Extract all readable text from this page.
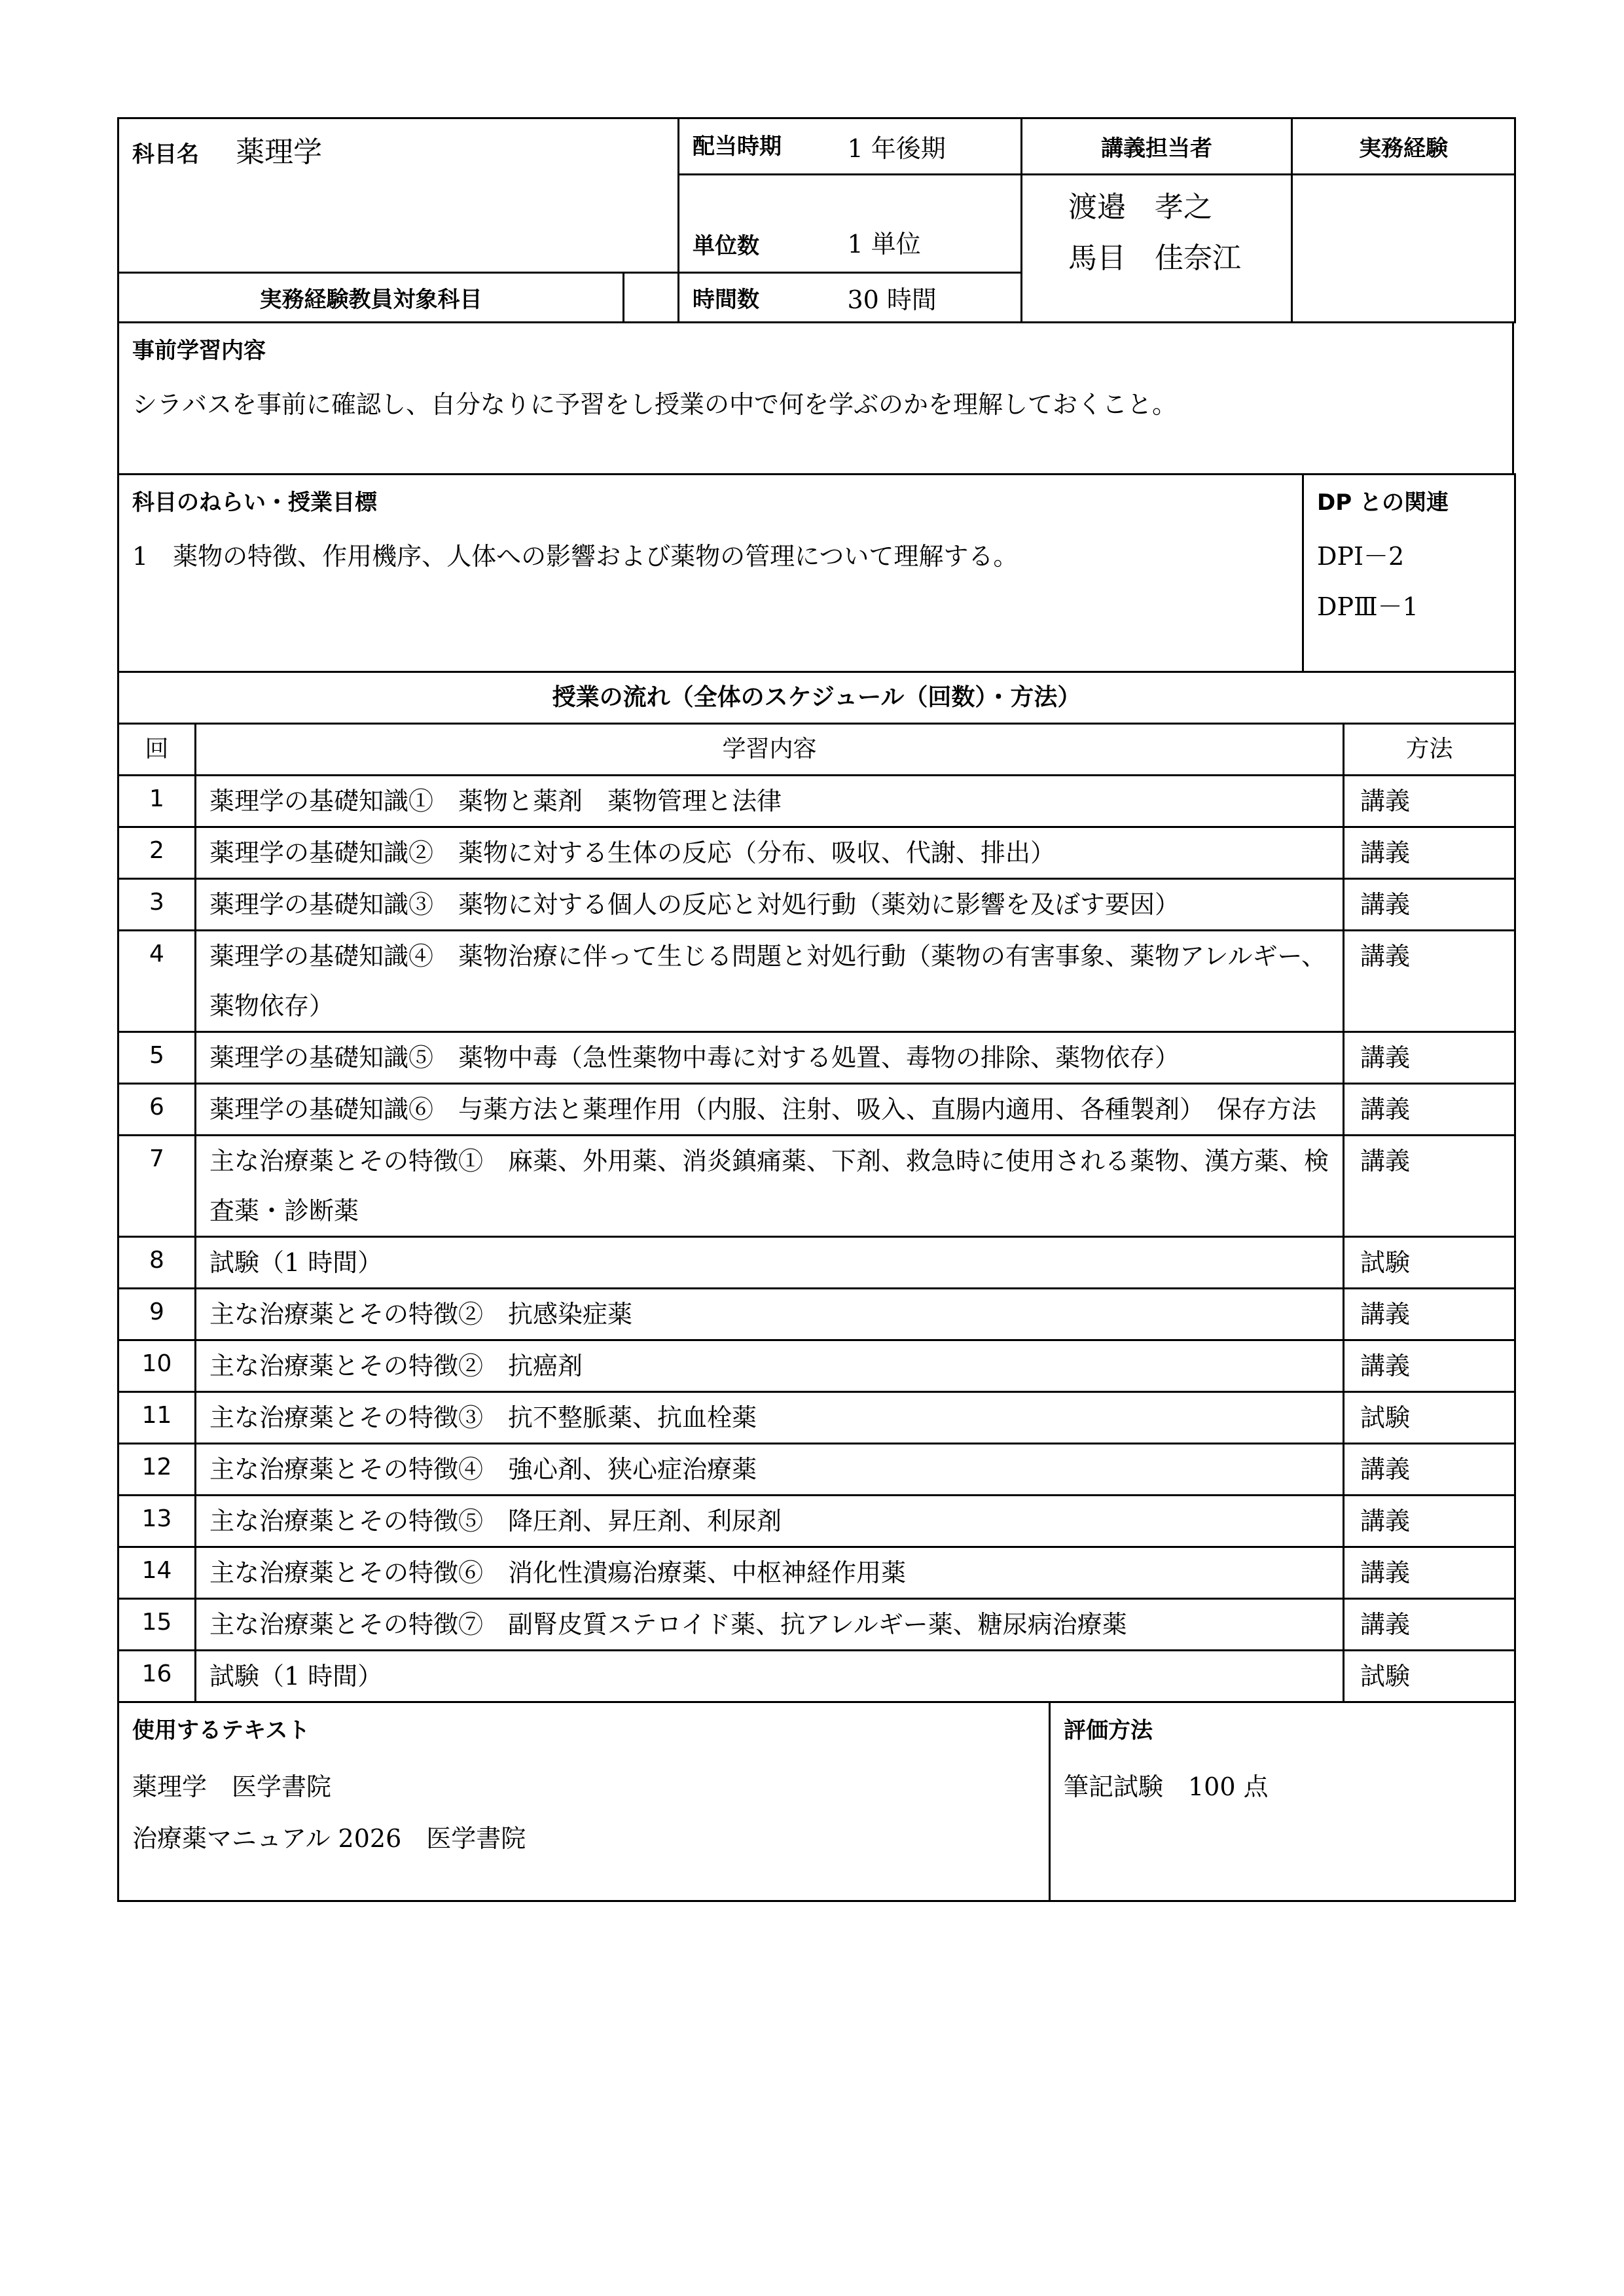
科目名 薬理学		配当時期	1 年後期	講義担当者	実務経験
		単位数	1 単位	渡邉　孝之
馬目　佳奈江	

実務経験教員対象科目		時間数	30 時間		
事前学習内容
シラバスを事前に確認し、自分なりに予習をし授業の中で何を学ぶのかを理解しておくこと。
科目のねらい・授業目標
1　薬物の特徴、作用機序、人体への影響および薬物の管理について理解する。

DP との関連
DPⅠ－2
DPⅢ－1
授業の流れ（全体のスケジュール（回数）・方法）		
回	学習内容	方法
1	薬理学の基礎知識①　薬物と薬剤　薬物管理と法律	講義
2	薬理学の基礎知識②　薬物に対する生体の反応（分布、吸収、代謝、排出）	講義
3	薬理学の基礎知識③　薬物に対する個人の反応と対処行動（薬効に影響を及ぼす要因）	講義
4	薬理学の基礎知識④　薬物治療に伴って生じる問題と対処行動（薬物の有害事象、薬物アレルギー、薬物依存）	講義
5	薬理学の基礎知識⑤　薬物中毒（急性薬物中毒に対する処置、毒物の排除、薬物依存）	講義
6	薬理学の基礎知識⑥　与薬方法と薬理作用（内服、注射、吸入、直腸内適用、各種製剤）　保存方法	講義
7	主な治療薬とその特徴①　麻薬、外用薬、消炎鎮痛薬、下剤、救急時に使用される薬物、漢方薬、検査薬・診断薬	講義
8	試験（1 時間）	試験
9	主な治療薬とその特徴②　抗感染症薬	講義
10	主な治療薬とその特徴②　抗癌剤	講義
11	主な治療薬とその特徴③　抗不整脈薬、抗血栓薬	試験
12	主な治療薬とその特徴④　強心剤、狭心症治療薬	講義
13	主な治療薬とその特徴⑤　降圧剤、昇圧剤、利尿剤	講義
14	主な治療薬とその特徴⑥　消化性潰瘍治療薬、中枢神経作用薬	講義
15	主な治療薬とその特徴⑦　副腎皮質ステロイド薬、抗アレルギー薬、糖尿病治療薬	講義
16	試験（1 時間）	試験
使用するテキスト
薬理学　医学書院
治療薬マニュアル 2026　医学書院

評価方法
筆記試験　100 点
